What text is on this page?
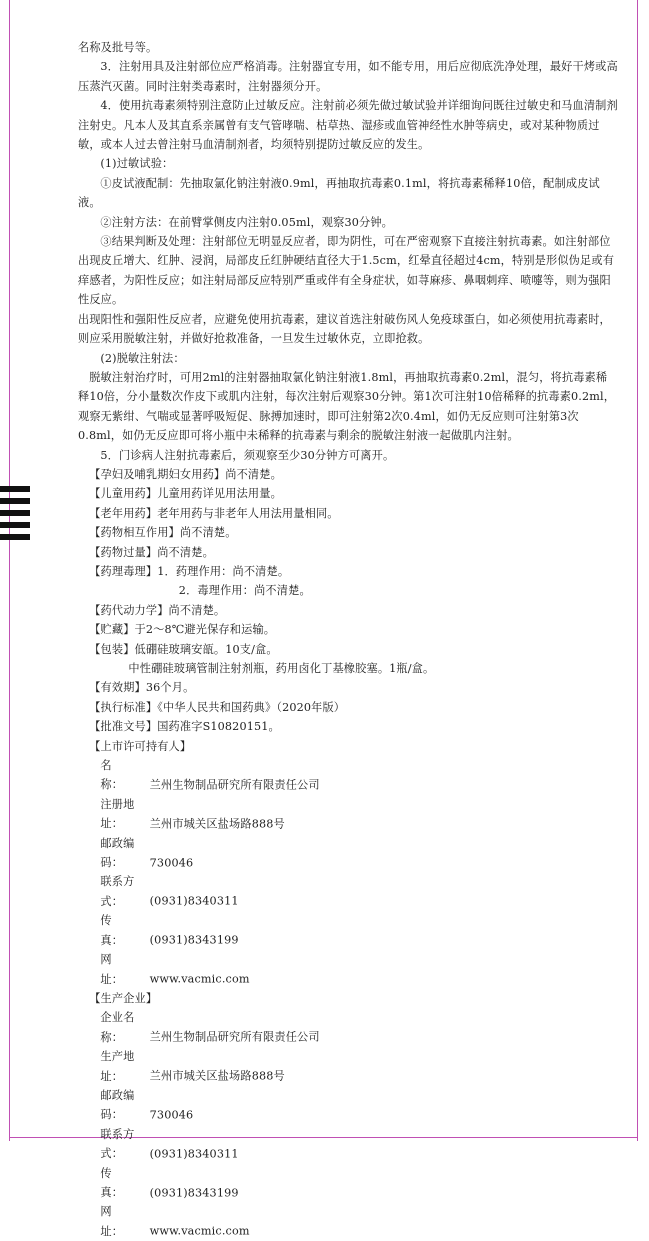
名称及批号等。

3．注射用具及注射部位应严格消毒。注射器宜专用，如不能专用，用后应彻底洗净处理，最好干烤或高压蒸汽灭菌。同时注射类毒素时，注射器须分开。

4．使用抗毒素须特别注意防止过敏反应。注射前必须先做过敏试验并详细询问既往过敏史和马血清制剂注射史。凡本人及其直系亲属曾有支气管哮喘、枯草热、湿疹或血管神经性水肿等病史，或对某种物质过敏，或本人过去曾注射马血清制剂者，均须特别提防过敏反应的发生。

(1)过敏试验：

①皮试液配制：先抽取氯化钠注射液0.9ml，再抽取抗毒素0.1ml，将抗毒素稀释10倍，配制成皮试液。

②注射方法：在前臂掌侧皮内注射0.05ml，观察30分钟。

③结果判断及处理：注射部位无明显反应者，即为阴性，可在严密观察下直接注射抗毒素。如注射部位出现皮丘增大、红肿、浸润，局部皮丘红肿硬结直径大于1.5cm，红晕直径超过4cm，特别是形似伪足或有痒感者，为阳性反应；如注射局部反应特别严重或伴有全身症状，如荨麻疹、鼻咽刺痒、喷嚏等，则为强阳性反应。

出现阳性和强阳性反应者，应避免使用抗毒素，建议首选注射破伤风人免疫球蛋白，如必须使用抗毒素时，则应采用脱敏注射，并做好抢救准备，一旦发生过敏休克，立即抢救。

(2)脱敏注射法：

脱敏注射治疗时，可用2ml的注射器抽取氯化钠注射液1.8ml，再抽取抗毒素0.2ml，混匀，将抗毒素稀释10倍，分小量数次作皮下或肌内注射，每次注射后观察30分钟。第1次可注射10倍稀释的抗毒素0.2ml，观察无紫绀、气喘或显著呼吸短促、脉搏加速时，即可注射第2次0.4ml，如仍无反应则可注射第3次0.8ml，如仍无反应即可将小瓶中未稀释的抗毒素与剩余的脱敏注射液一起做肌内注射。

5．门诊病人注射抗毒素后，须观察至少30分钟方可离开。

【孕妇及哺乳期妇女用药】尚不清楚。

【儿童用药】儿童用药详见用法用量。

【老年用药】老年用药与非老年人用法用量相同。

【药物相互作用】尚不清楚。

【药物过量】尚不清楚。

【药理毒理】1．药理作用：尚不清楚。

2．毒理作用：尚不清楚。

【药代动力学】尚不清楚。

【贮藏】于2～8℃避光保存和运输。

【包装】低硼硅玻璃安瓿。10支/盒。

中性硼硅玻璃管制注射剂瓶，药用卤化丁基橡胶塞。1瓶/盒。

【有效期】36个月。

【执行标准】《中华人民共和国药典》（2020年版）

【批准文号】国药准字S10820151。

【上市许可持有人】

名　　称： 兰州生物制品研究所有限责任公司

注册地址： 兰州市城关区盐场路888号

邮政编码： 730046

联系方式： (0931)8340311

传　　真： (0931)8343199

网　　址： www.vacmic.com

【生产企业】

企业名称： 兰州生物制品研究所有限责任公司

生产地址： 兰州市城关区盐场路888号

邮政编码： 730046

联系方式： (0931)8340311

传　　真： (0931)8343199

网　　址： www.vacmic.com
